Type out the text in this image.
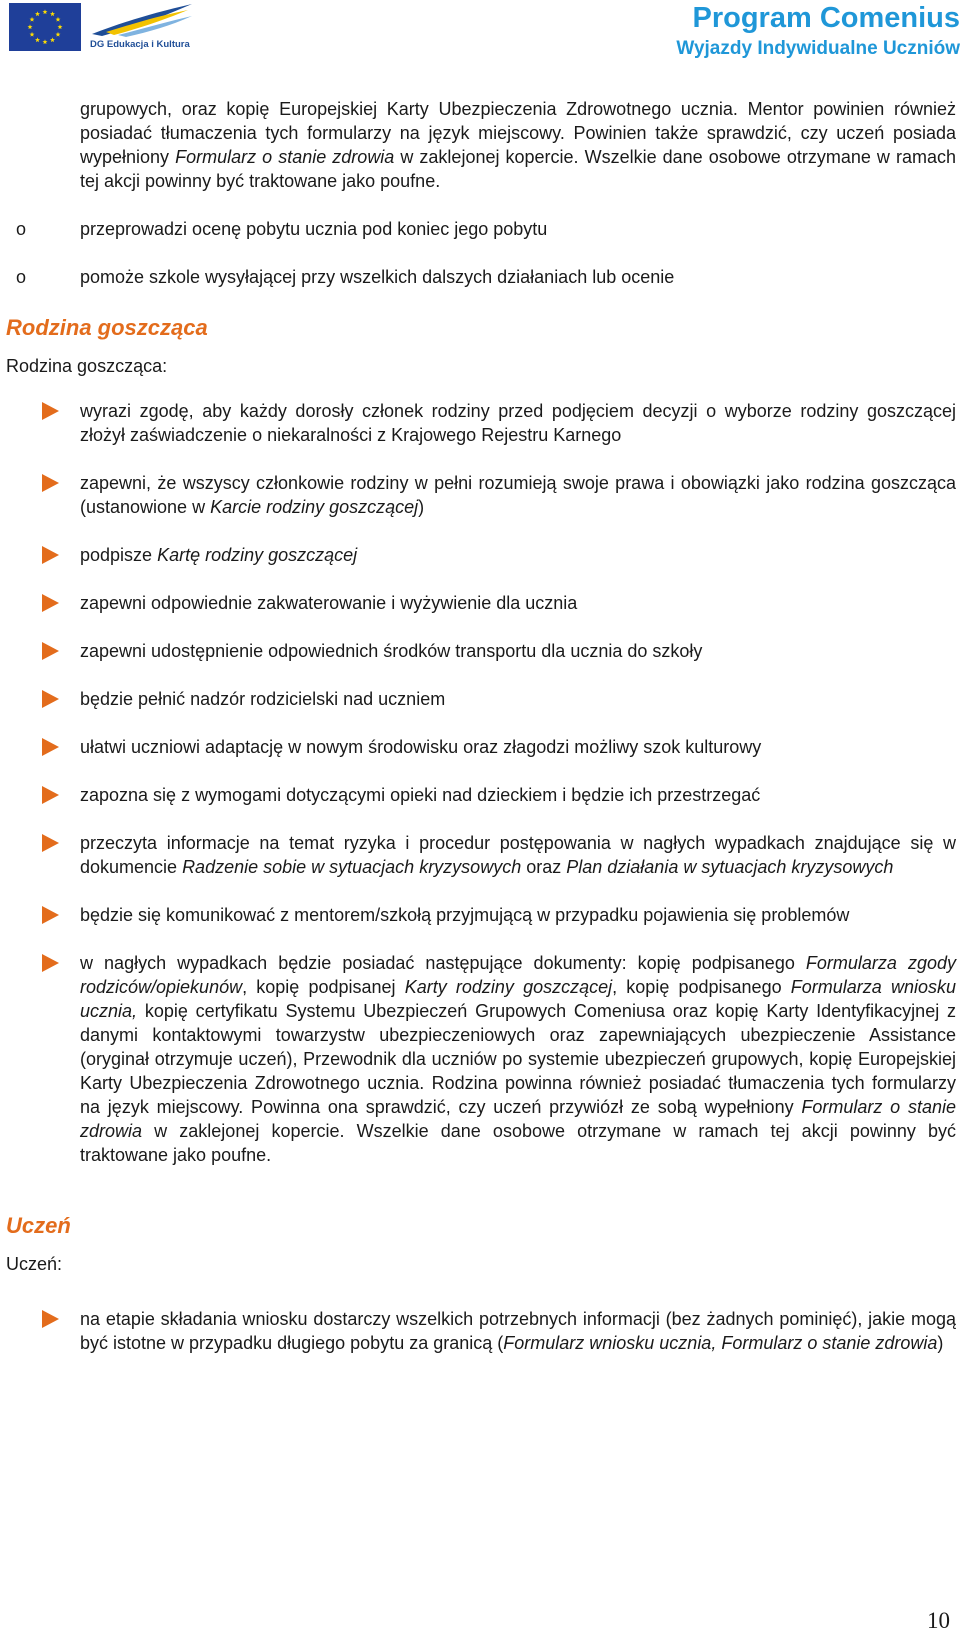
DG Edukacja i Kultura
Program Comenius
Wyjazdy Indywidualne Uczniów
grupowych, oraz kopię Europejskiej Karty Ubezpieczenia Zdrowotnego ucznia. Mentor powinien również posiadać tłumaczenia tych formularzy na język miejscowy. Powinien także sprawdzić, czy uczeń posiada wypełniony Formularz o stanie zdrowia w zaklejonej kopercie. Wszelkie dane osobowe otrzymane w ramach tej akcji powinny być traktowane jako poufne.
o	przeprowadzi ocenę pobytu ucznia pod koniec jego pobytu
o	pomoże szkole wysyłającej przy wszelkich dalszych działaniach lub ocenie
Rodzina goszcząca
Rodzina goszcząca:
wyrazi zgodę, aby każdy dorosły członek rodziny przed podjęciem decyzji o wyborze rodziny goszczącej złożył zaświadczenie o niekaralności z Krajowego Rejestru Karnego
zapewni, że wszyscy członkowie rodziny w pełni rozumieją swoje prawa i obowiązki jako rodzina goszcząca (ustanowione w Karcie rodziny goszczącej)
podpisze Kartę rodziny goszczącej
zapewni odpowiednie zakwaterowanie i wyżywienie dla ucznia
zapewni udostępnienie odpowiednich środków transportu dla ucznia do szkoły
będzie pełnić nadzór rodzicielski nad uczniem
ułatwi uczniowi adaptację w nowym środowisku oraz złagodzi możliwy szok kulturowy
zapozna się z wymogami dotyczącymi opieki nad dzieckiem i będzie ich przestrzegać
przeczyta informacje na temat ryzyka i procedur postępowania w nagłych wypadkach znajdujące się w dokumencie Radzenie sobie w sytuacjach kryzysowych oraz Plan działania w sytuacjach kryzysowych
będzie się komunikować z mentorem/szkołą przyjmującą w przypadku pojawienia się problemów
w nagłych wypadkach będzie posiadać następujące dokumenty: kopię podpisanego Formularza zgody rodziców/opiekunów, kopię podpisanej Karty rodziny goszczącej, kopię podpisanego Formularza wniosku ucznia, kopię certyfikatu Systemu Ubezpieczeń Grupowych Comeniusa oraz kopię Karty Identyfikacyjnej z danymi kontaktowymi towarzystw ubezpieczeniowych oraz zapewniających ubezpieczenie Assistance (oryginał otrzymuje uczeń), Przewodnik dla uczniów po systemie ubezpieczeń grupowych, kopię Europejskiej Karty Ubezpieczenia Zdrowotnego ucznia. Rodzina powinna również posiadać tłumaczenia tych formularzy na język miejscowy. Powinna ona sprawdzić, czy uczeń przywiózł ze sobą wypełniony Formularz o stanie zdrowia w zaklejonej kopercie. Wszelkie dane osobowe otrzymane w ramach tej akcji powinny być traktowane jako poufne.
Uczeń
Uczeń:
na etapie składania wniosku dostarczy wszelkich potrzebnych informacji (bez żadnych pominięć), jakie mogą być istotne w przypadku długiego pobytu za granicą (Formularz wniosku ucznia, Formularz o stanie zdrowia)
10
